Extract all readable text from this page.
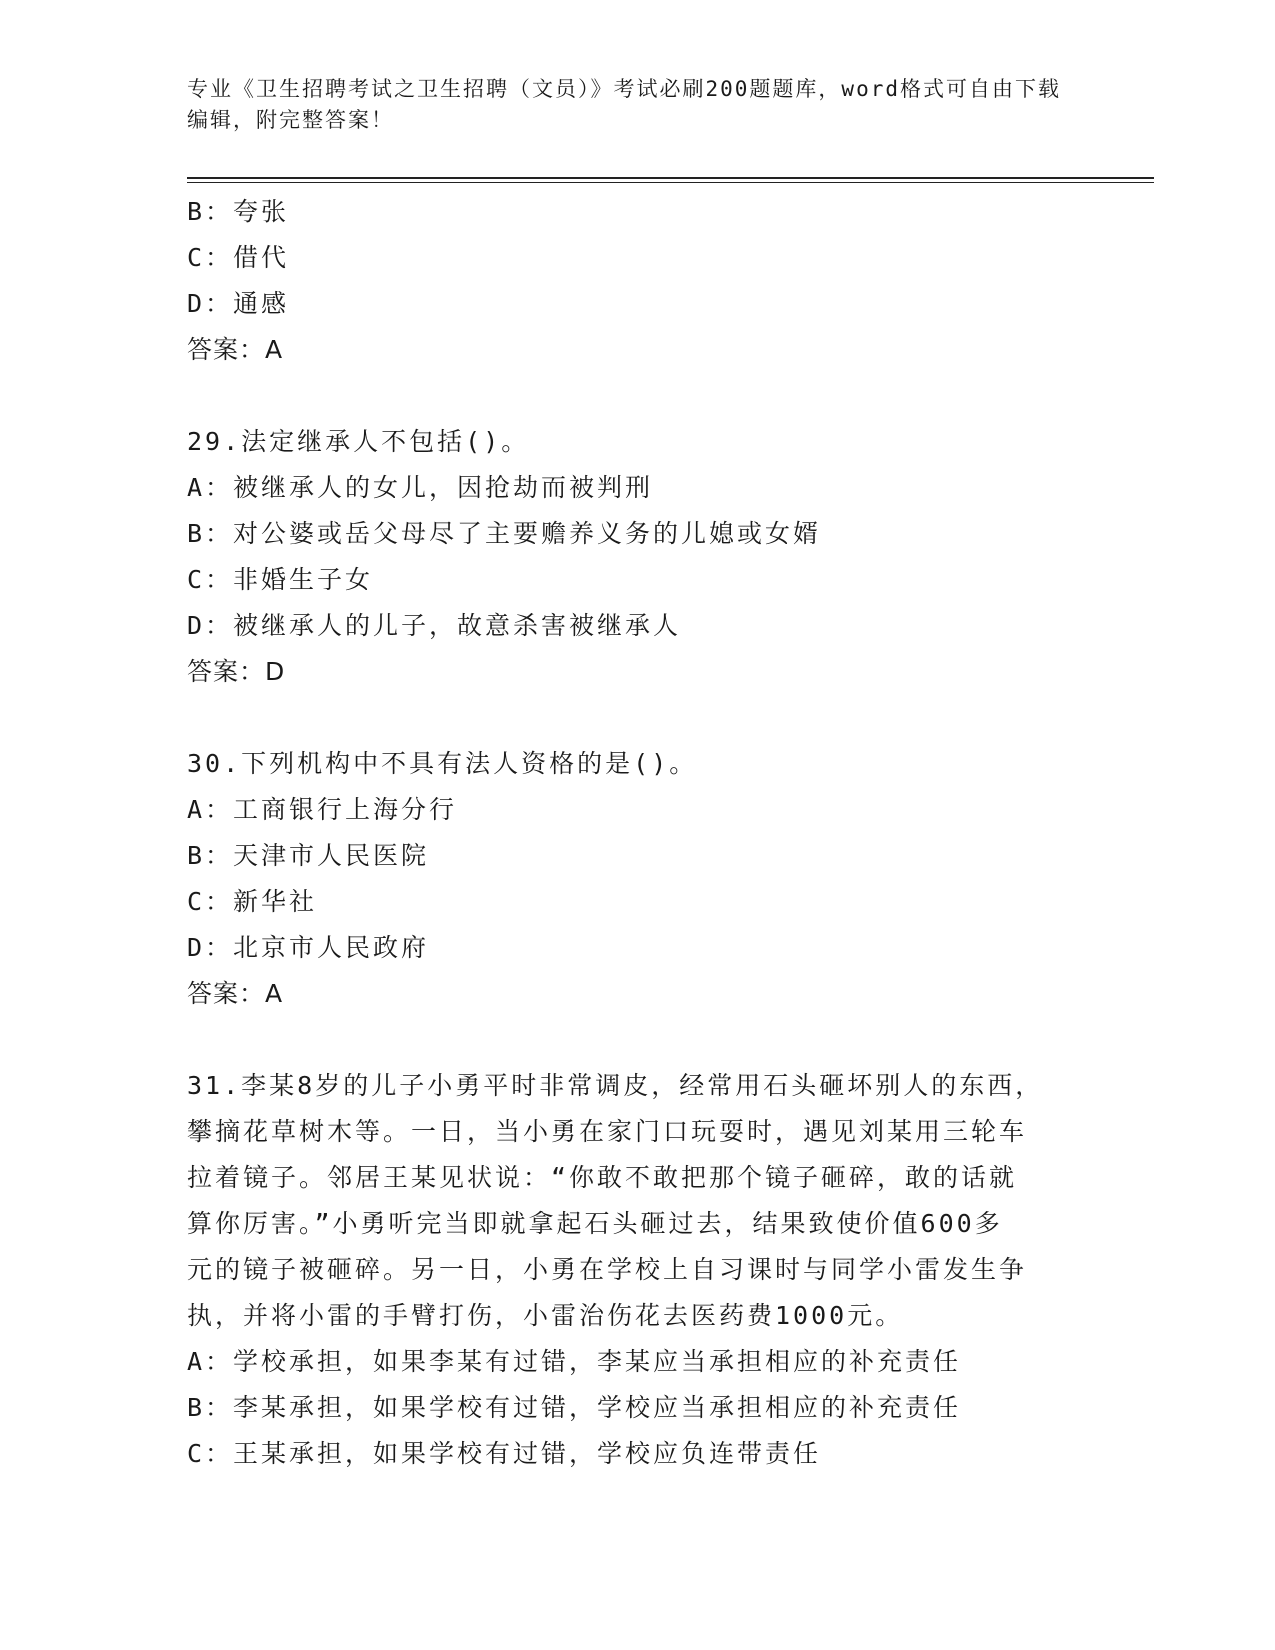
专业《卫生招聘考试之卫生招聘（文员）》考试必刷200题题库，word格式可自由下载编辑，附完整答案！
B：夸张
C：借代
D：通感
答案：A
29.法定继承人不包括()。
A：被继承人的女儿，因抢劫而被判刑
B：对公婆或岳父母尽了主要赡养义务的儿媳或女婿
C：非婚生子女
D：被继承人的儿子，故意杀害被继承人
答案：D
30.下列机构中不具有法人资格的是()。
A：工商银行上海分行
B：天津市人民医院
C：新华社
D：北京市人民政府
答案：A
31.李某8岁的儿子小勇平时非常调皮，经常用石头砸坏别人的东西，
攀摘花草树木等。一日，当小勇在家门口玩耍时，遇见刘某用三轮车
拉着镜子。邻居王某见状说：“你敢不敢把那个镜子砸碎，敢的话就
算你厉害。”小勇听完当即就拿起石头砸过去，结果致使价值600多
元的镜子被砸碎。另一日，小勇在学校上自习课时与同学小雷发生争
执，并将小雷的手臂打伤，小雷治伤花去医药费1000元。
A：学校承担，如果李某有过错，李某应当承担相应的补充责任
B：李某承担，如果学校有过错，学校应当承担相应的补充责任
C：王某承担，如果学校有过错，学校应负连带责任
